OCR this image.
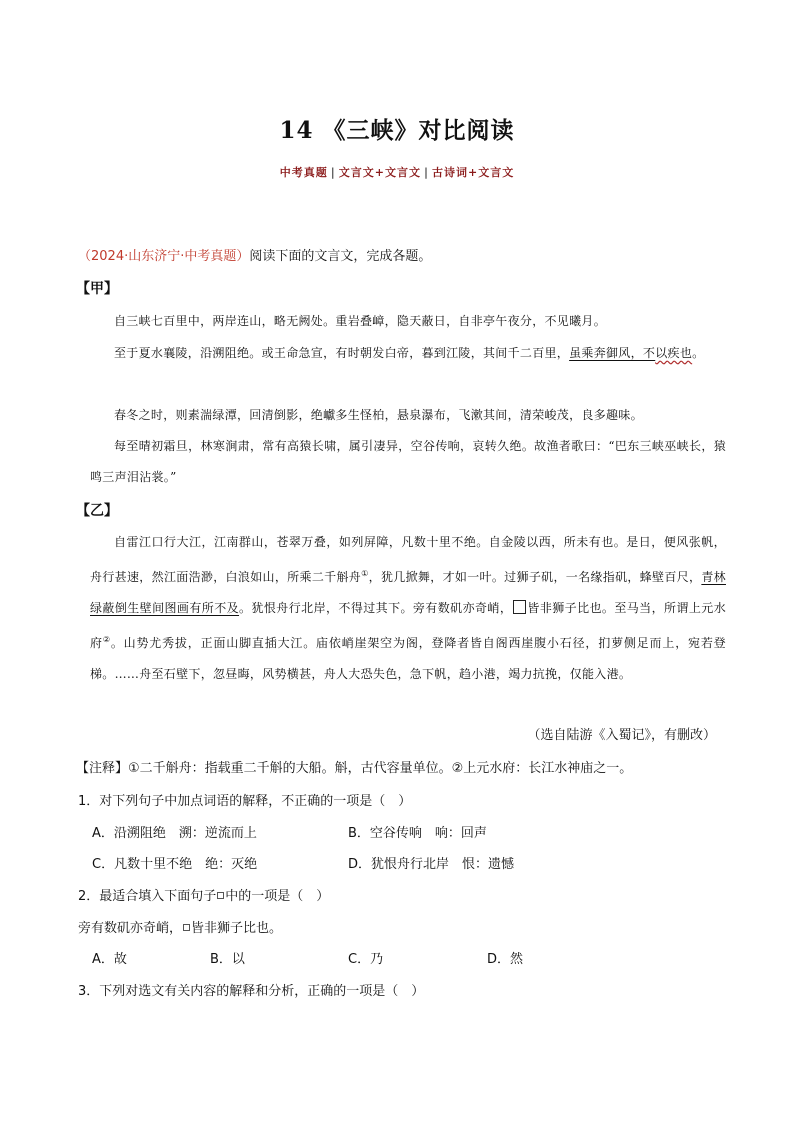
14 《三峡》对比阅读
中考真题 | 文言文+文言文 | 古诗词+文言文
（2024·山东济宁·中考真题）阅读下面的文言文，完成各题。
【甲】
自三峡七百里中，两岸连山，略无阙处。重岩叠嶂，隐天蔽日，自非亭午夜分，不见曦月。
至于夏水襄陵，沿溯阻绝。或王命急宣，有时朝发白帝，暮到江陵，其间千二百里，虽乘奔御风，不以疾也。
春冬之时，则素湍绿潭，回清倒影，绝巘多生怪柏，悬泉瀑布，飞漱其间，清荣峻茂，良多趣味。
每至晴初霜旦，林寒涧肃，常有高猿长啸，属引凄异，空谷传响，哀转久绝。故渔者歌曰：“巴东三峡巫峡长，猿鸣三声泪沾裳。”
【乙】
自雷江口行大江，江南群山，苍翠万叠，如列屏障，凡数十里不绝。自金陵以西，所未有也。是日，便风张帆，舟行甚速，然江面浩渺，白浪如山，所乘二千斛舟①，犹几掀舞，才如一叶。过狮子矶，一名缘指矶，蜂壁百尺，青林绿蔽倒生壁间图画有所不及。犹恨舟行北岸，不得过其下。旁有数矶亦奇峭， 皆非狮子比也。至马当，所谓上元水府②。山势尤秀拔，正面山脚直插大江。庙依峭崖架空为阁，登降者皆自阁西崖腹小石径，扪萝侧足而上，宛若登梯。……舟至石壁下，忽昼晦，风势横甚，舟人大恐失色，急下帆，趋小港，竭力抗挽，仅能入港。
（选自陆游《入蜀记》，有删改）
【注释】①二千斛舟：指载重二千斛的大船。斛，古代容量单位。②上元水府：长江水神庙之一。
1．对下列句子中加点词语的解释，不正确的一项是（　）
A．沿溯阻绝　溯：逆流而上	B．空谷传响　响：回声
C．凡数十里不绝　绝：灭绝	D．犹恨舟行北岸　恨：遗憾
2．最适合填入下面句子 中的一项是（　）
旁有数矶亦奇峭， 皆非狮子比也。
A．故	B．以	C．乃	D．然
3．下列对选文有关内容的解释和分析，正确的一项是（　）
